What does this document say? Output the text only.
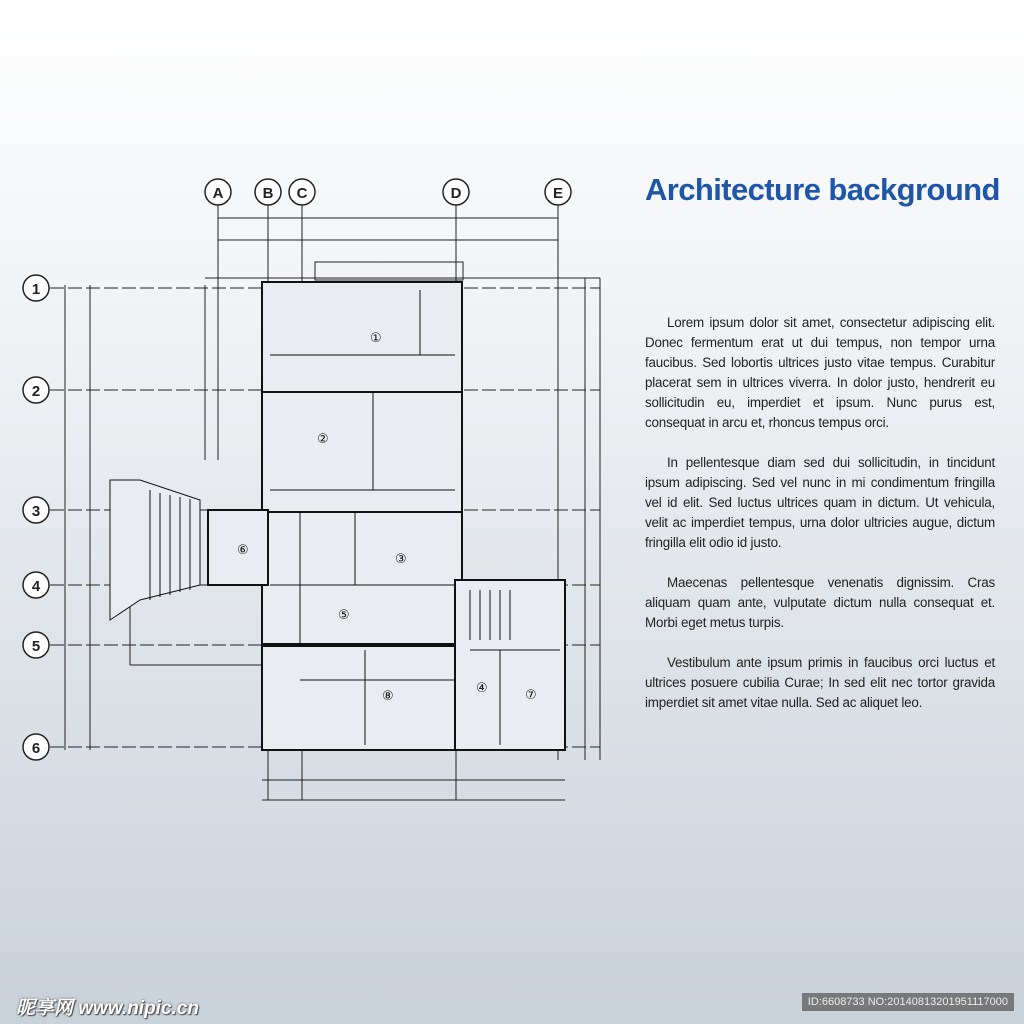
A	B C	D	E
1
2
3
4
5
6
①
②
③
④
⑤
⑥
⑦
⑧
Architecture background

Lorem ipsum dolor sit amet, consectetur adipiscing elit. Donec fermentum erat ut dui tempus, non tempor urna faucibus. Sed lobortis ultrices justo vitae tempus. Curabitur placerat sem in ultrices viverra. In dolor justo, hendrerit eu sollicitudin eu, imperdiet et ipsum. Nunc purus est, consequat in arcu et, rhoncus tempus orci.

In pellentesque diam sed dui sollicitudin, in tincidunt ipsum adipiscing. Sed vel nunc in mi condimentum fringilla vel id elit. Sed luctus ultrices quam in dictum. Ut vehicula, velit ac imperdiet tempus, urna dolor ultricies augue, dictum fringilla elit odio id justo.

Maecenas pellentesque venenatis dignissim. Cras aliquam quam ante, vulputate dictum nulla consequat et. Morbi eget metus turpis.

Vestibulum ante ipsum primis in faucibus orci luctus et ultrices posuere cubilia Curae; In sed elit nec tortor gravida imperdiet sit amet vitae nulla. Sed ac aliquet leo.

昵享网 www.nipic.cn	ID:6608733 NO:20140813201951117000
